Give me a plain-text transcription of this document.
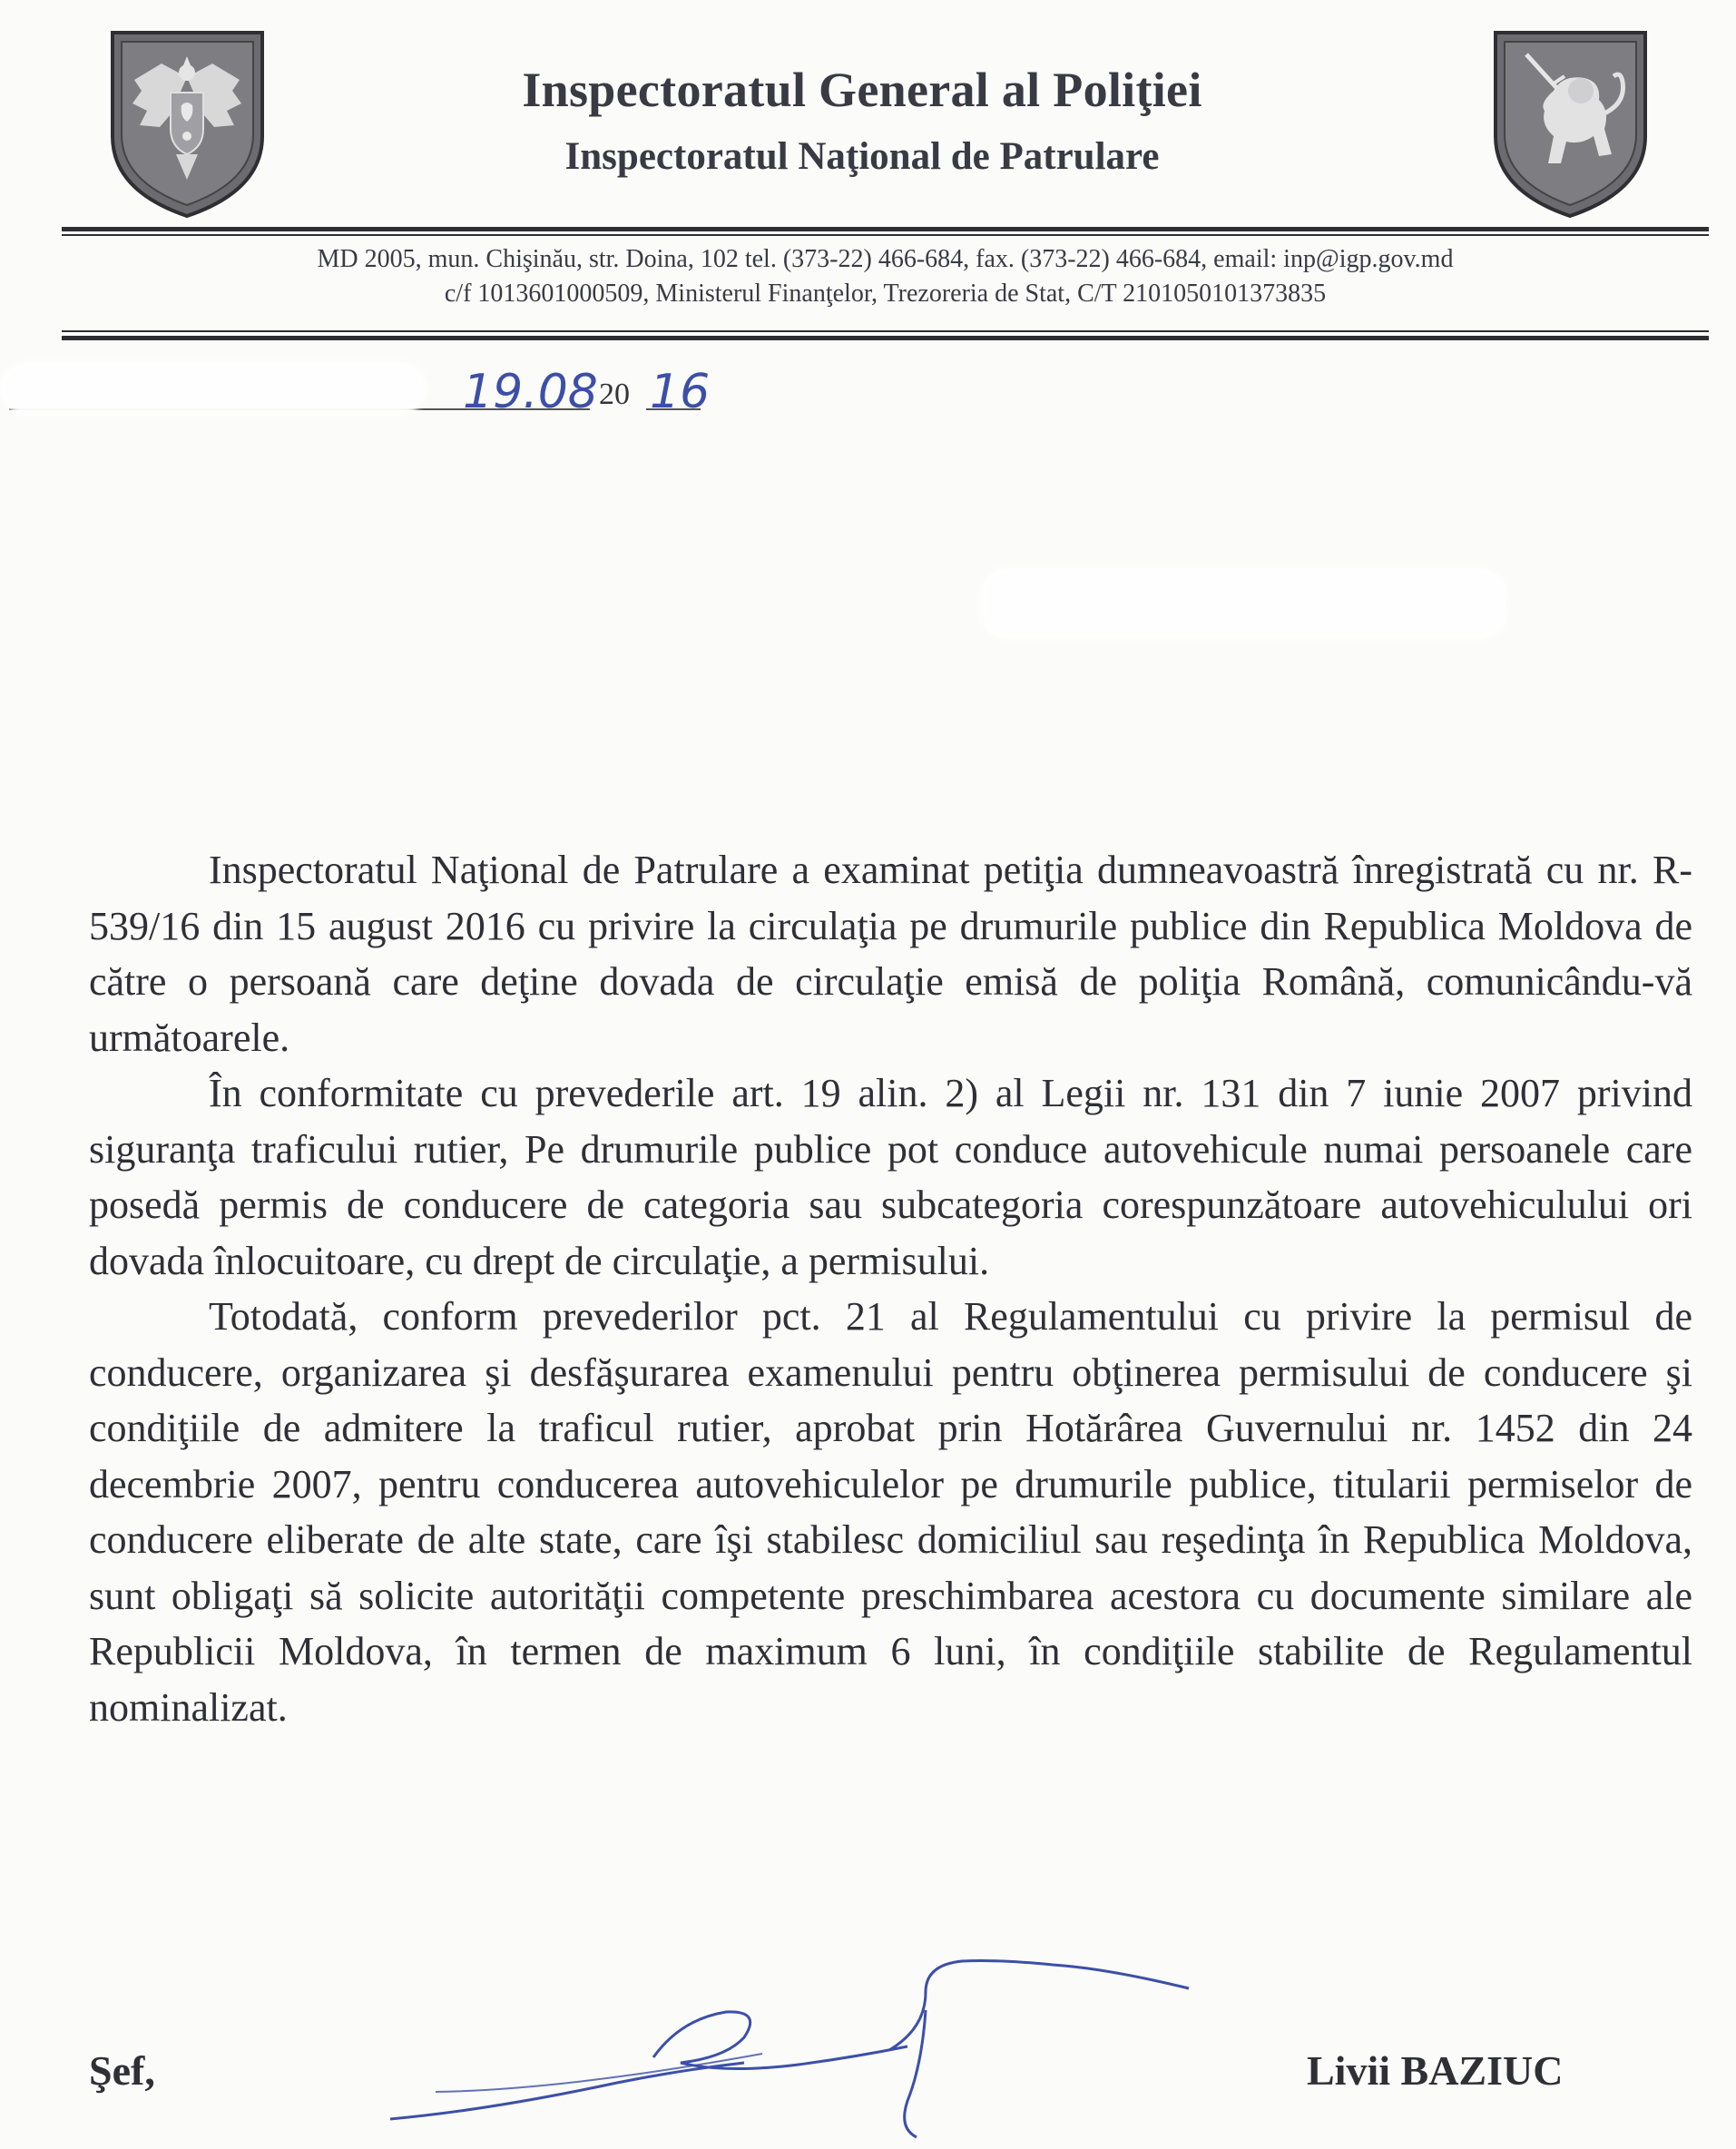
Inspectoratul General al Poliţiei
Inspectoratul Naţional de Patrulare
MD 2005, mun. Chişinău, str. Doina, 102 tel. (373-22) 466-684, fax. (373-22) 466-684, email: inp@igp.gov.md
c/f 1013601000509, Ministerul Finanţelor, Trezoreria de Stat, C/T 2101050101373835
19.08 20 16

Inspectoratul Naţional de Patrulare a examinat petiţia dumneavoastră înregistrată cu nr. R-539/16 din 15 august 2016 cu privire la circulaţia pe drumurile publice din Republica Moldova de către o persoană care deţine dovada de circulaţie emisă de poliţia Română, comunicându-vă următoarele.

În conformitate cu prevederile art. 19 alin. 2) al Legii nr. 131 din 7 iunie 2007 privind siguranţa traficului rutier, Pe drumurile publice pot conduce autovehicule numai persoanele care posedă permis de conducere de categoria sau subcategoria corespunzătoare autovehiculului ori dovada înlocuitoare, cu drept de circulaţie, a permisului.

Totodată, conform prevederilor pct. 21 al Regulamentului cu privire la permisul de conducere, organizarea şi desfăşurarea examenului pentru obţinerea permisului de conducere şi condiţiile de admitere la traficul rutier, aprobat prin Hotărârea Guvernului nr. 1452 din 24 decembrie 2007, pentru conducerea autovehiculelor pe drumurile publice, titularii permiselor de conducere eliberate de alte state, care îşi stabilesc domiciliul sau reşedinţa în Republica Moldova, sunt obligaţi să solicite autorităţii competente preschimbarea acestora cu documente similare ale Republicii Moldova, în termen de maximum 6 luni, în condiţiile stabilite de Regulamentul nominalizat.

Şef,	Livii BAZIUC
